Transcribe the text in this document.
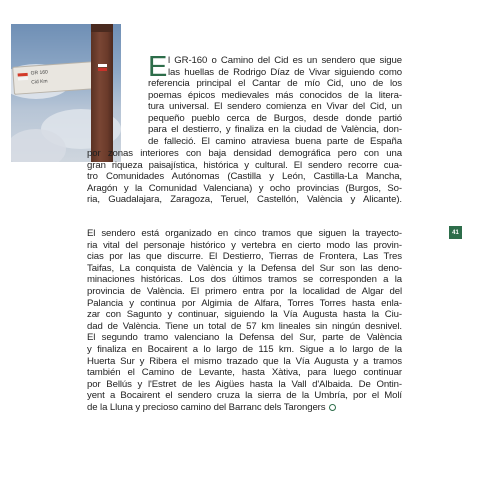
GR 160
Cid Km	E l GR-160 o Camino del Cid es un sendero que sigue
las huellas de Rodrigo Díaz de Vivar siguiendo como
referencia principal el Cantar de mío Cid, uno de los
poemas épicos medievales más conocidos de la litera-
tura universal. El sendero comienza en Vivar del Cid, un
pequeño pueblo cerca de Burgos, desde donde partió
para el destierro, y finaliza en la ciudad de València, don-
de falleció. El camino atraviesa buena parte de España
por zonas interiores con baja densidad demográfica pero con una
gran riqueza paisajística, histórica y cultural. El sendero recorre cua-
tro Comunidades Autónomas (Castilla y León, Castilla-La Mancha,
Aragón y la Comunidad Valenciana) y ocho provincias (Burgos, So-
ria, Guadalajara, Zaragoza, Teruel, Castellón, València y Alicante).
El sendero está organizado en cinco tramos que siguen la trayecto-
ria vital del personaje histórico y vertebra en cierto modo las provin-
cias por las que discurre. El Destierro, Tierras de Frontera, Las Tres
Taifas, La conquista de València y la Defensa del Sur son las deno-
minaciones históricas. Los dos últimos tramos se corresponden a la
provincia de València. El primero entra por la localidad de Algar del
Palancia y continua por Algimia de Alfara, Torres Torres hasta enla-
zar con Sagunto y continuar, siguiendo la Vía Augusta hasta la Ciu-
dad de València. Tiene un total de 57 km lineales sin ningún desnivel.
El segundo tramo valenciano la Defensa del Sur, parte de València
y finaliza en Bocairent a lo largo de 115 km. Sigue a lo largo de la
Huerta Sur y Ribera el mismo trazado que la Vía Augusta y a tramos
también el Camino de Levante, hasta Xàtiva, para luego continuar
por Bellús y l'Estret de les Aigües hasta la Vall d'Albaida. De Ontin-
yent a Bocairent el sendero cruza la sierra de la Umbría, por el Molí
de la Lluna y precioso camino del Barranc dels Tarongers
41
